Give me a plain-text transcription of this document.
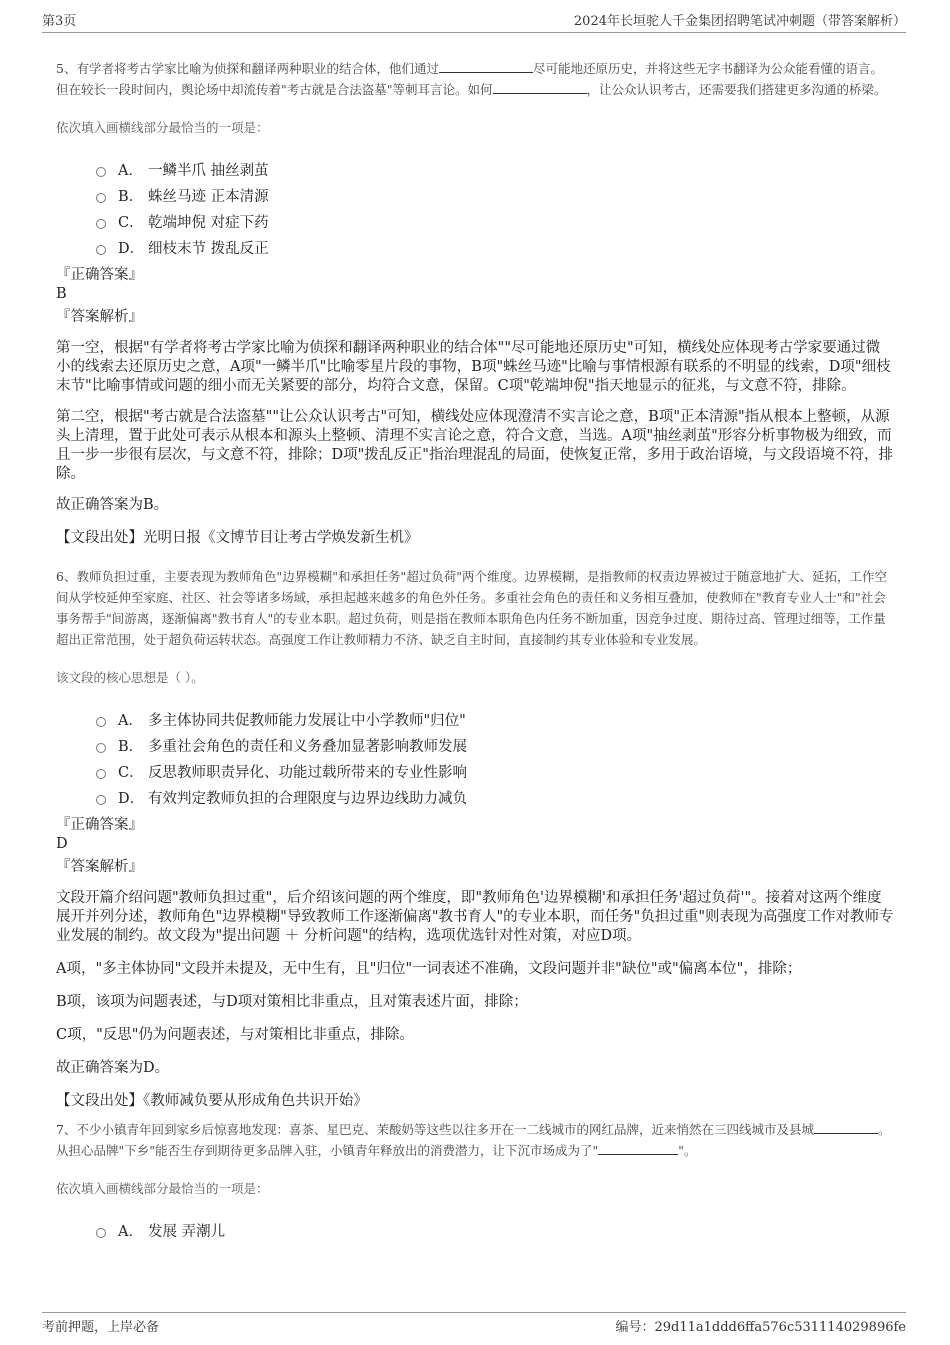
第3页	2024年长垣驼人千金集团招聘笔试冲刺题（带答案解析）

5、有学者将考古学家比喻为侦探和翻译两种职业的结合体，他们通过	尽可能地还原历史，并将这些无字书翻译为公众能看懂的语言。但在较长一段时间内，舆论场中却流传着"考古就是合法盗墓"等刺耳言论。如何	，让公众认识考古，还需要我们搭建更多沟通的桥梁。

依次填入画横线部分最恰当的一项是：
A． 一鳞半爪 抽丝剥茧
B． 蛛丝马迹 正本清源
C． 乾端坤倪 对症下药
D． 细枝末节 拨乱反正
『正确答案』
B
『答案解析』
第一空，根据"有学者将考古学家比喻为侦探和翻译两种职业的结合体""尽可能地还原历史"可知，横线处应体现考古学家要通过微小的线索去还原历史之意，A项"一鳞半爪"比喻零星片段的事物，B项"蛛丝马迹"比喻与事情根源有联系的不明显的线索，D项"细枝末节"比喻事情或问题的细小而无关紧要的部分，均符合文意，保留。C项"乾端坤倪"指天地显示的征兆，与文意不符，排除。
第二空，根据"考古就是合法盗墓""让公众认识考古"可知，横线处应体现澄清不实言论之意，B项"正本清源"指从根本上整顿，从源头上清理，置于此处可表示从根本和源头上整顿、清理不实言论之意，符合文意，当选。A项"抽丝剥茧"形容分析事物极为细致，而且一步一步很有层次，与文意不符，排除；D项"拨乱反正"指治理混乱的局面，使恢复正常，多用于政治语境，与文段语境不符，排除。
故正确答案为B。
【文段出处】光明日报《文博节目让考古学焕发新生机》

6、教师负担过重，主要表现为教师角色"边界模糊"和承担任务"超过负荷"两个维度。边界模糊，是指教师的权责边界被过于随意地扩大、延拓，工作空间从学校延伸至家庭、社区、社会等诸多场域，承担起越来越多的角色外任务。多重社会角色的责任和义务相互叠加，使教师在"教育专业人士"和"社会事务帮手"间游离，逐渐偏离"教书育人"的专业本职。超过负荷，则是指在教师本职角色内任务不断加重，因竞争过度、期待过高、管理过细等，工作量超出正常范围，处于超负荷运转状态。高强度工作让教师精力不济、缺乏自主时间，直接制约其专业体验和专业发展。

该文段的核心思想是（ ）。
A． 多主体协同共促教师能力发展让中小学教师"归位"
B． 多重社会角色的责任和义务叠加显著影响教师发展
C． 反思教师职责异化、功能过载所带来的专业性影响
D． 有效判定教师负担的合理限度与边界边线助力减负
『正确答案』
D
『答案解析』
文段开篇介绍问题"教师负担过重"，后介绍该问题的两个维度，即"教师角色'边界模糊'和承担任务'超过负荷'"。接着对这两个维度展开并列分述，教师角色"边界模糊"导致教师工作逐渐偏离"教书育人"的专业本职，而任务"负担过重"则表现为高强度工作对教师专业发展的制约。故文段为"提出问题 ＋ 分析问题"的结构，选项优选针对性对策，对应D项。
A项，"多主体协同"文段并未提及，无中生有，且"归位"一词表述不准确，文段问题并非"缺位"或"偏离本位"，排除；
B项，该项为问题表述，与D项对策相比非重点，且对策表述片面，排除；
C项，"反思"仍为问题表述，与对策相比非重点，排除。
故正确答案为D。
【文段出处】《教师减负要从形成角色共识开始》

7、不少小镇青年回到家乡后惊喜地发现：喜茶、星巴克、茉酸奶等这些以往多开在一二线城市的网红品牌，近来悄然在三四线城市及县城	。从担心品牌"下乡"能否生存到期待更多品牌入驻，小镇青年释放出的消费潜力，让下沉市场成为了"	"。

依次填入画横线部分最恰当的一项是：
A． 发展 弄潮儿
考前押题，上岸必备	编号：29d11a1ddd6ffa576c531114029896fe
